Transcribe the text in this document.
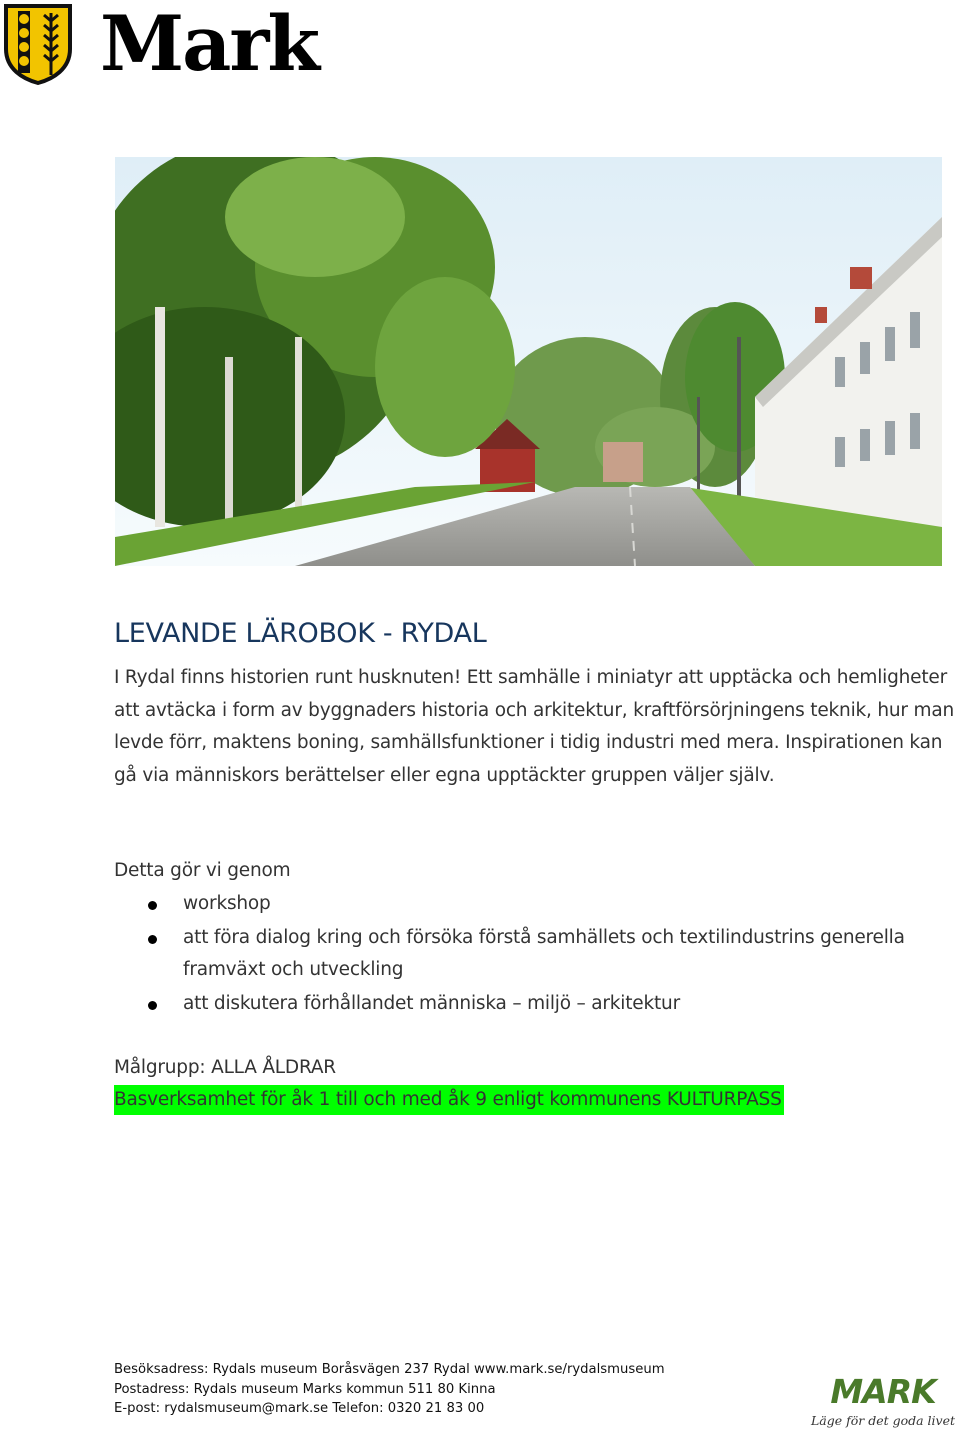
Mark
LEVANDE LÄROBOK - RYDAL

I Rydal finns historien runt husknuten! Ett samhälle i miniatyr att upptäcka och hemligheter att avtäcka i form av byggnaders historia och arkitektur, kraftförsörjningens teknik, hur man levde förr, maktens boning, samhällsfunktioner i tidig industri med mera. Inspirationen kan gå via människors berättelser eller egna upptäckter gruppen väljer själv.

Detta gör vi genom

workshop
att föra dialog kring och försöka förstå samhällets och textilindustrins generella framväxt och utveckling
att diskutera förhållandet människa – miljö – arkitektur

Målgrupp: ALLA ÅLDRAR

Basverksamhet för åk 1 till och med åk 9 enligt kommunens KULTURPASS

Besöksadress: Rydals museum Boråsvägen 237 Rydal www.mark.se/rydalsmuseum
Postadress: Rydals museum Marks kommun 511 80 Kinna
E-post: rydalsmuseum@mark.se Telefon: 0320 21 83 00	MARK
Läge för det goda livet
